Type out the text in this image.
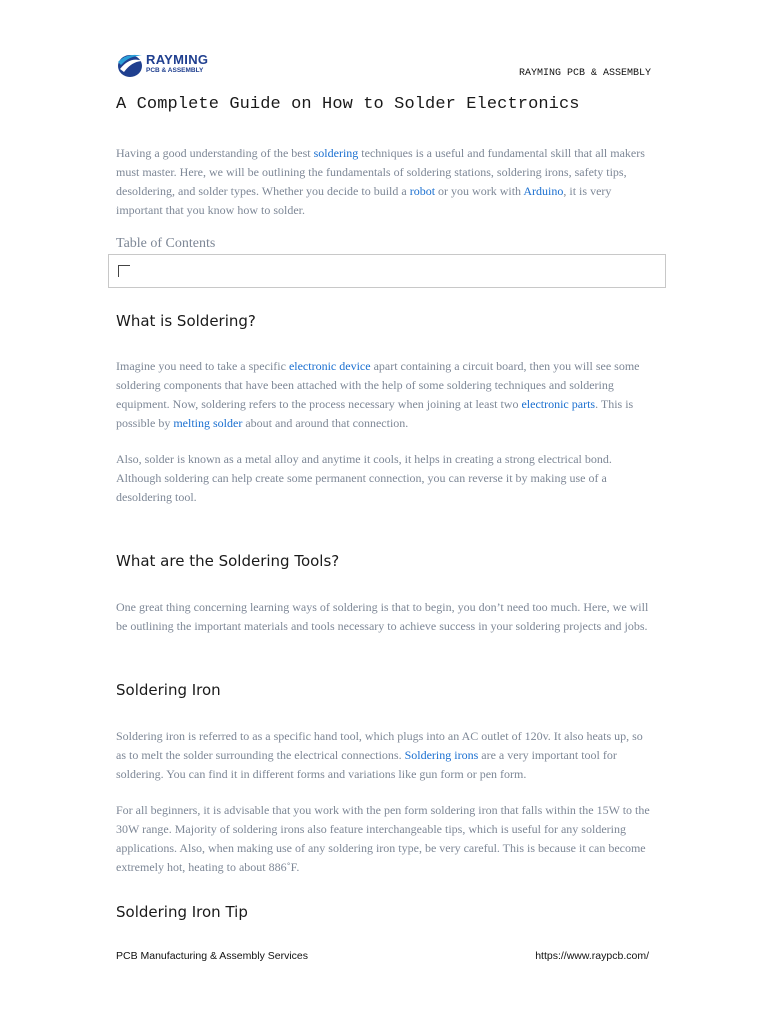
RAYMING
PCB & ASSEMBLY	RAYMING PCB & ASSEMBLY
A Complete Guide on How to Solder Electronics

Having a good understanding of the best soldering techniques is a useful and fundamental skill that all makers must master. Here, we will be outlining the fundamentals of soldering stations, soldering irons, safety tips, desoldering, and solder types. Whether you decide to build a robot or you work with Arduino, it is very important that you know how to solder.

Table of Contents
What is Soldering?

Imagine you need to take a specific electronic device apart containing a circuit board, then you will see some soldering components that have been attached with the help of some soldering techniques and soldering equipment. Now, soldering refers to the process necessary when joining at least two electronic parts. This is possible by melting solder about and around that connection.

Also, solder is known as a metal alloy and anytime it cools, it helps in creating a strong electrical bond. Although soldering can help create some permanent connection, you can reverse it by making use of a desoldering tool.

What are the Soldering Tools?

One great thing concerning learning ways of soldering is that to begin, you don’t need too much. Here, we will be outlining the important materials and tools necessary to achieve success in your soldering projects and jobs.

Soldering Iron

Soldering iron is referred to as a specific hand tool, which plugs into an AC outlet of 120v. It also heats up, so as to melt the solder surrounding the electrical connections. Soldering irons are a very important tool for soldering. You can find it in different forms and variations like gun form or pen form.

For all beginners, it is advisable that you work with the pen form soldering iron that falls within the 15W to the 30W range. Majority of soldering irons also feature interchangeable tips, which is useful for any soldering applications. Also, when making use of any soldering iron type, be very careful. This is because it can become extremely hot, heating to about 886˚F.

Soldering Iron Tip
PCB Manufacturing & Assembly Services	https://www.raypcb.com/
